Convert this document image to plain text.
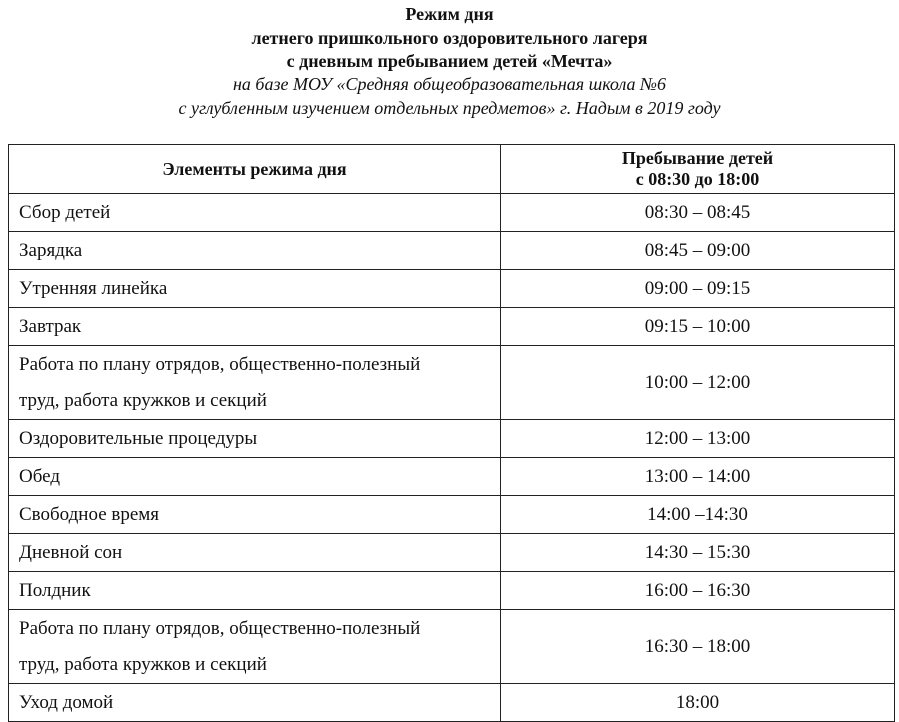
Режим дня
летнего пришкольного оздоровительного лагеря
с дневным пребыванием детей «Мечта»
на базе МОУ «Средняя общеобразовательная школа №6
с углубленным изучением отдельных предметов» г. Надым в 2019 году
Элементы режима дня	Пребывание детей
с 08:30 до 18:00

Сбор детей	08:30 – 08:45
Зарядка	08:45 – 09:00
Утренняя линейка	09:00 – 09:15
Завтрак	09:15 – 10:00

Работа по плану отрядов, общественно-полезный
труд, работа кружков и секций	10:00 – 12:00
Оздоровительные процедуры	12:00 – 13:00
Обед	13:00 – 14:00
Свободное время	14:00 –14:30
Дневной сон	14:30 – 15:30
Полдник	16:00 – 16:30

Работа по плану отрядов, общественно-полезный
труд, работа кружков и секций	16:30 – 18:00
Уход домой	18:00
